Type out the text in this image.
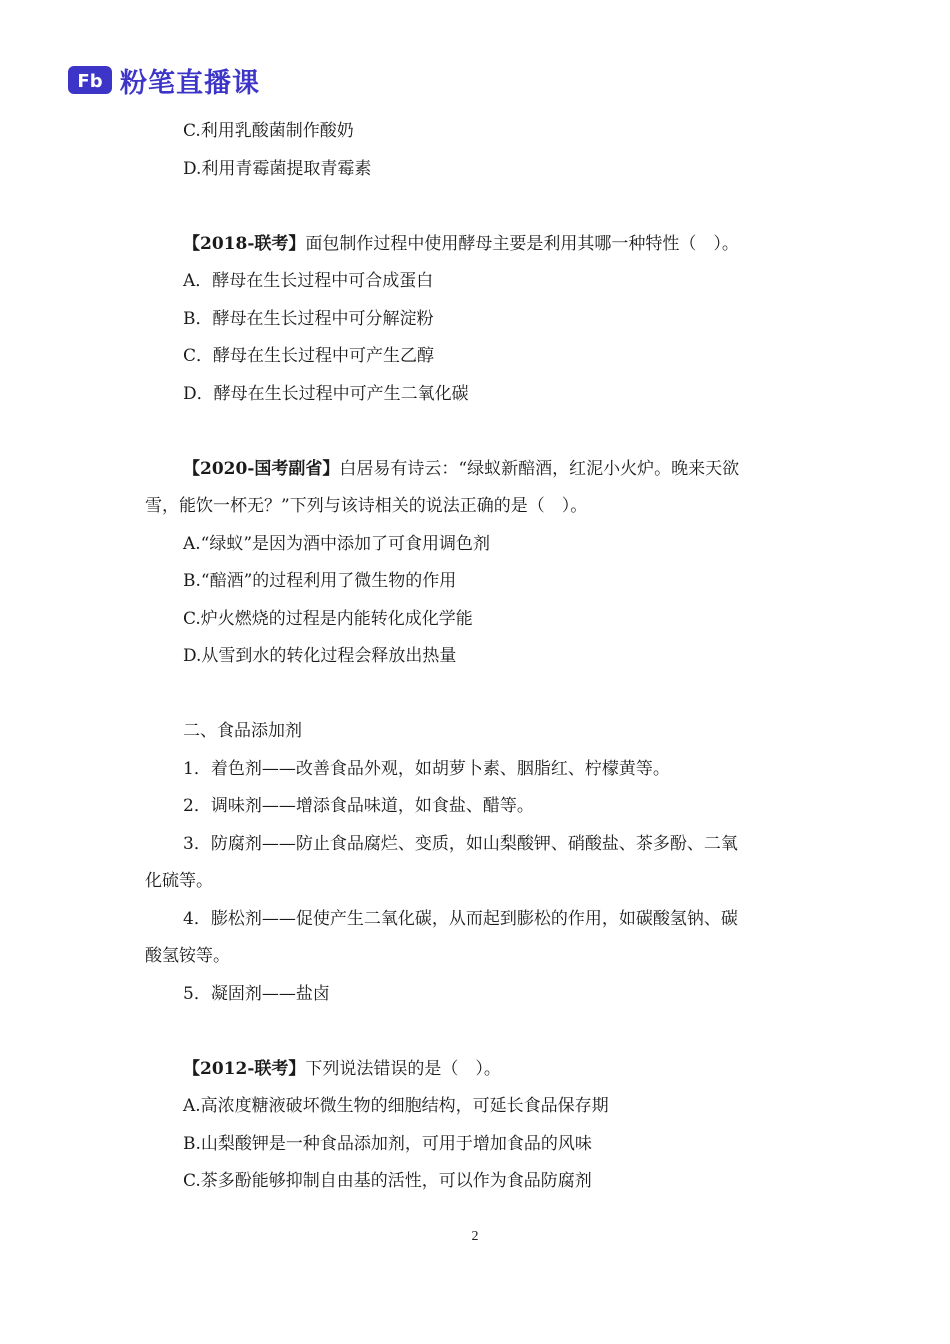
Fb 粉笔直播课
C.利用乳酸菌制作酸奶
D.利用青霉菌提取青霉素
【2018-联考】面包制作过程中使用酵母主要是利用其哪一种特性（　）。
A．酵母在生长过程中可合成蛋白
B．酵母在生长过程中可分解淀粉
C．酵母在生长过程中可产生乙醇
D．酵母在生长过程中可产生二氧化碳
【2020-国考副省】白居易有诗云：“绿蚁新醅酒，红泥小火炉。晚来天欲
雪，能饮一杯无？”下列与该诗相关的说法正确的是（　）。
A.“绿蚁”是因为酒中添加了可食用调色剂
B.“醅酒”的过程利用了微生物的作用
C.炉火燃烧的过程是内能转化成化学能
D.从雪到水的转化过程会释放出热量
二、食品添加剂
1．着色剂——改善食品外观，如胡萝卜素、胭脂红、柠檬黄等。
2．调味剂——增添食品味道，如食盐、醋等。
3．防腐剂——防止食品腐烂、变质，如山梨酸钾、硝酸盐、茶多酚、二氧
化硫等。
4．膨松剂——促使产生二氧化碳，从而起到膨松的作用，如碳酸氢钠、碳
酸氢铵等。
5．凝固剂——盐卤
【2012-联考】下列说法错误的是（　）。
A.高浓度糖液破坏微生物的细胞结构，可延长食品保存期
B.山梨酸钾是一种食品添加剂，可用于增加食品的风味
C.茶多酚能够抑制自由基的活性，可以作为食品防腐剂
2
